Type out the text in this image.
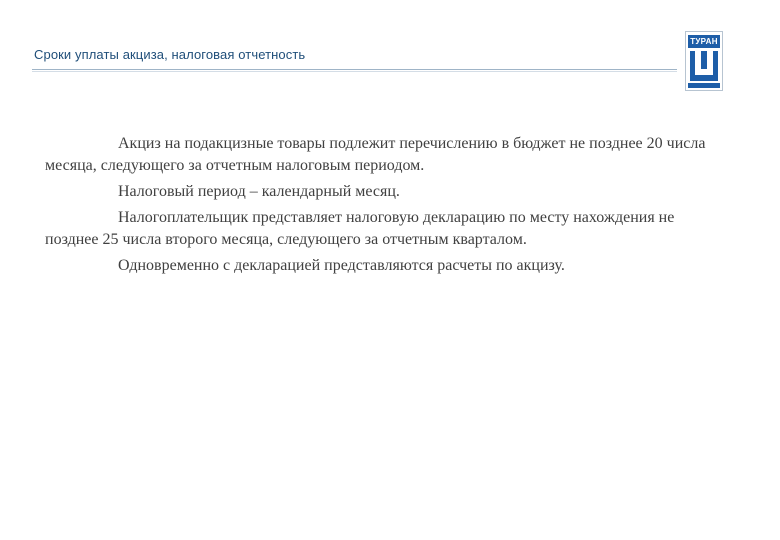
Сроки уплаты акциза, налоговая отчетность
ТУРАН

Акциз на подакцизные товары подлежит перечислению в бюджет не позднее 20 числа месяца, следующего за отчетным налоговым периодом.

Налоговый период – календарный месяц.

Налогоплательщик представляет налоговую декларацию по месту нахождения не позднее 25 числа второго месяца, следующего за отчетным кварталом.

Одновременно с декларацией представляются расчеты по акцизу.
